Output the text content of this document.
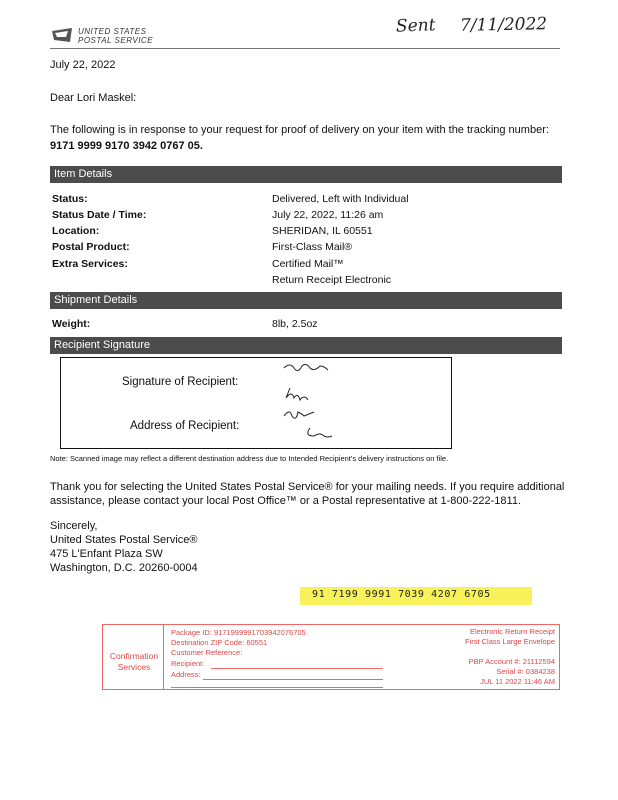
UNITED STATES
POSTAL SERVICE
Sent 7/11/2022
July 22, 2022
Dear Lori Maskel:
The following is in response to your request for proof of delivery on your item with the tracking number:
9171 9999 9170 3942 0767 05.
Item Details
Status:	Delivered, Left with Individual
Status Date / Time:	July 22, 2022, 11:26 am
Location:	SHERIDAN, IL 60551
Postal Product:	First-Class Mail®
Extra Services:	Certified Mail™
Return Receipt Electronic
Shipment Details
Weight:	8lb, 2.5oz
Recipient Signature
Signature of Recipient:
Address of Recipient:
Note: Scanned image may reflect a different destination address due to Intended Recipient's delivery instructions on file.
Thank you for selecting the United States Postal Service® for your mailing needs. If you require additional
assistance, please contact your local Post Office™ or a Postal representative at 1-800-222-1811.
Sincerely,
United States Postal Service®
475 L'Enfant Plaza SW
Washington, D.C. 20260-0004
91 7199 9991 7039 4207 6705
Confirmation
Services
Package ID: 9171999991703942076705
Destination ZIP Code: 60551
Customer Reference:
Recipient:
Address:
Electronic Return Receipt
First Class Large Envelope
PBP Account #: 21112594
Serial #: 0384238
JUL 11 2022 11:46 AM
